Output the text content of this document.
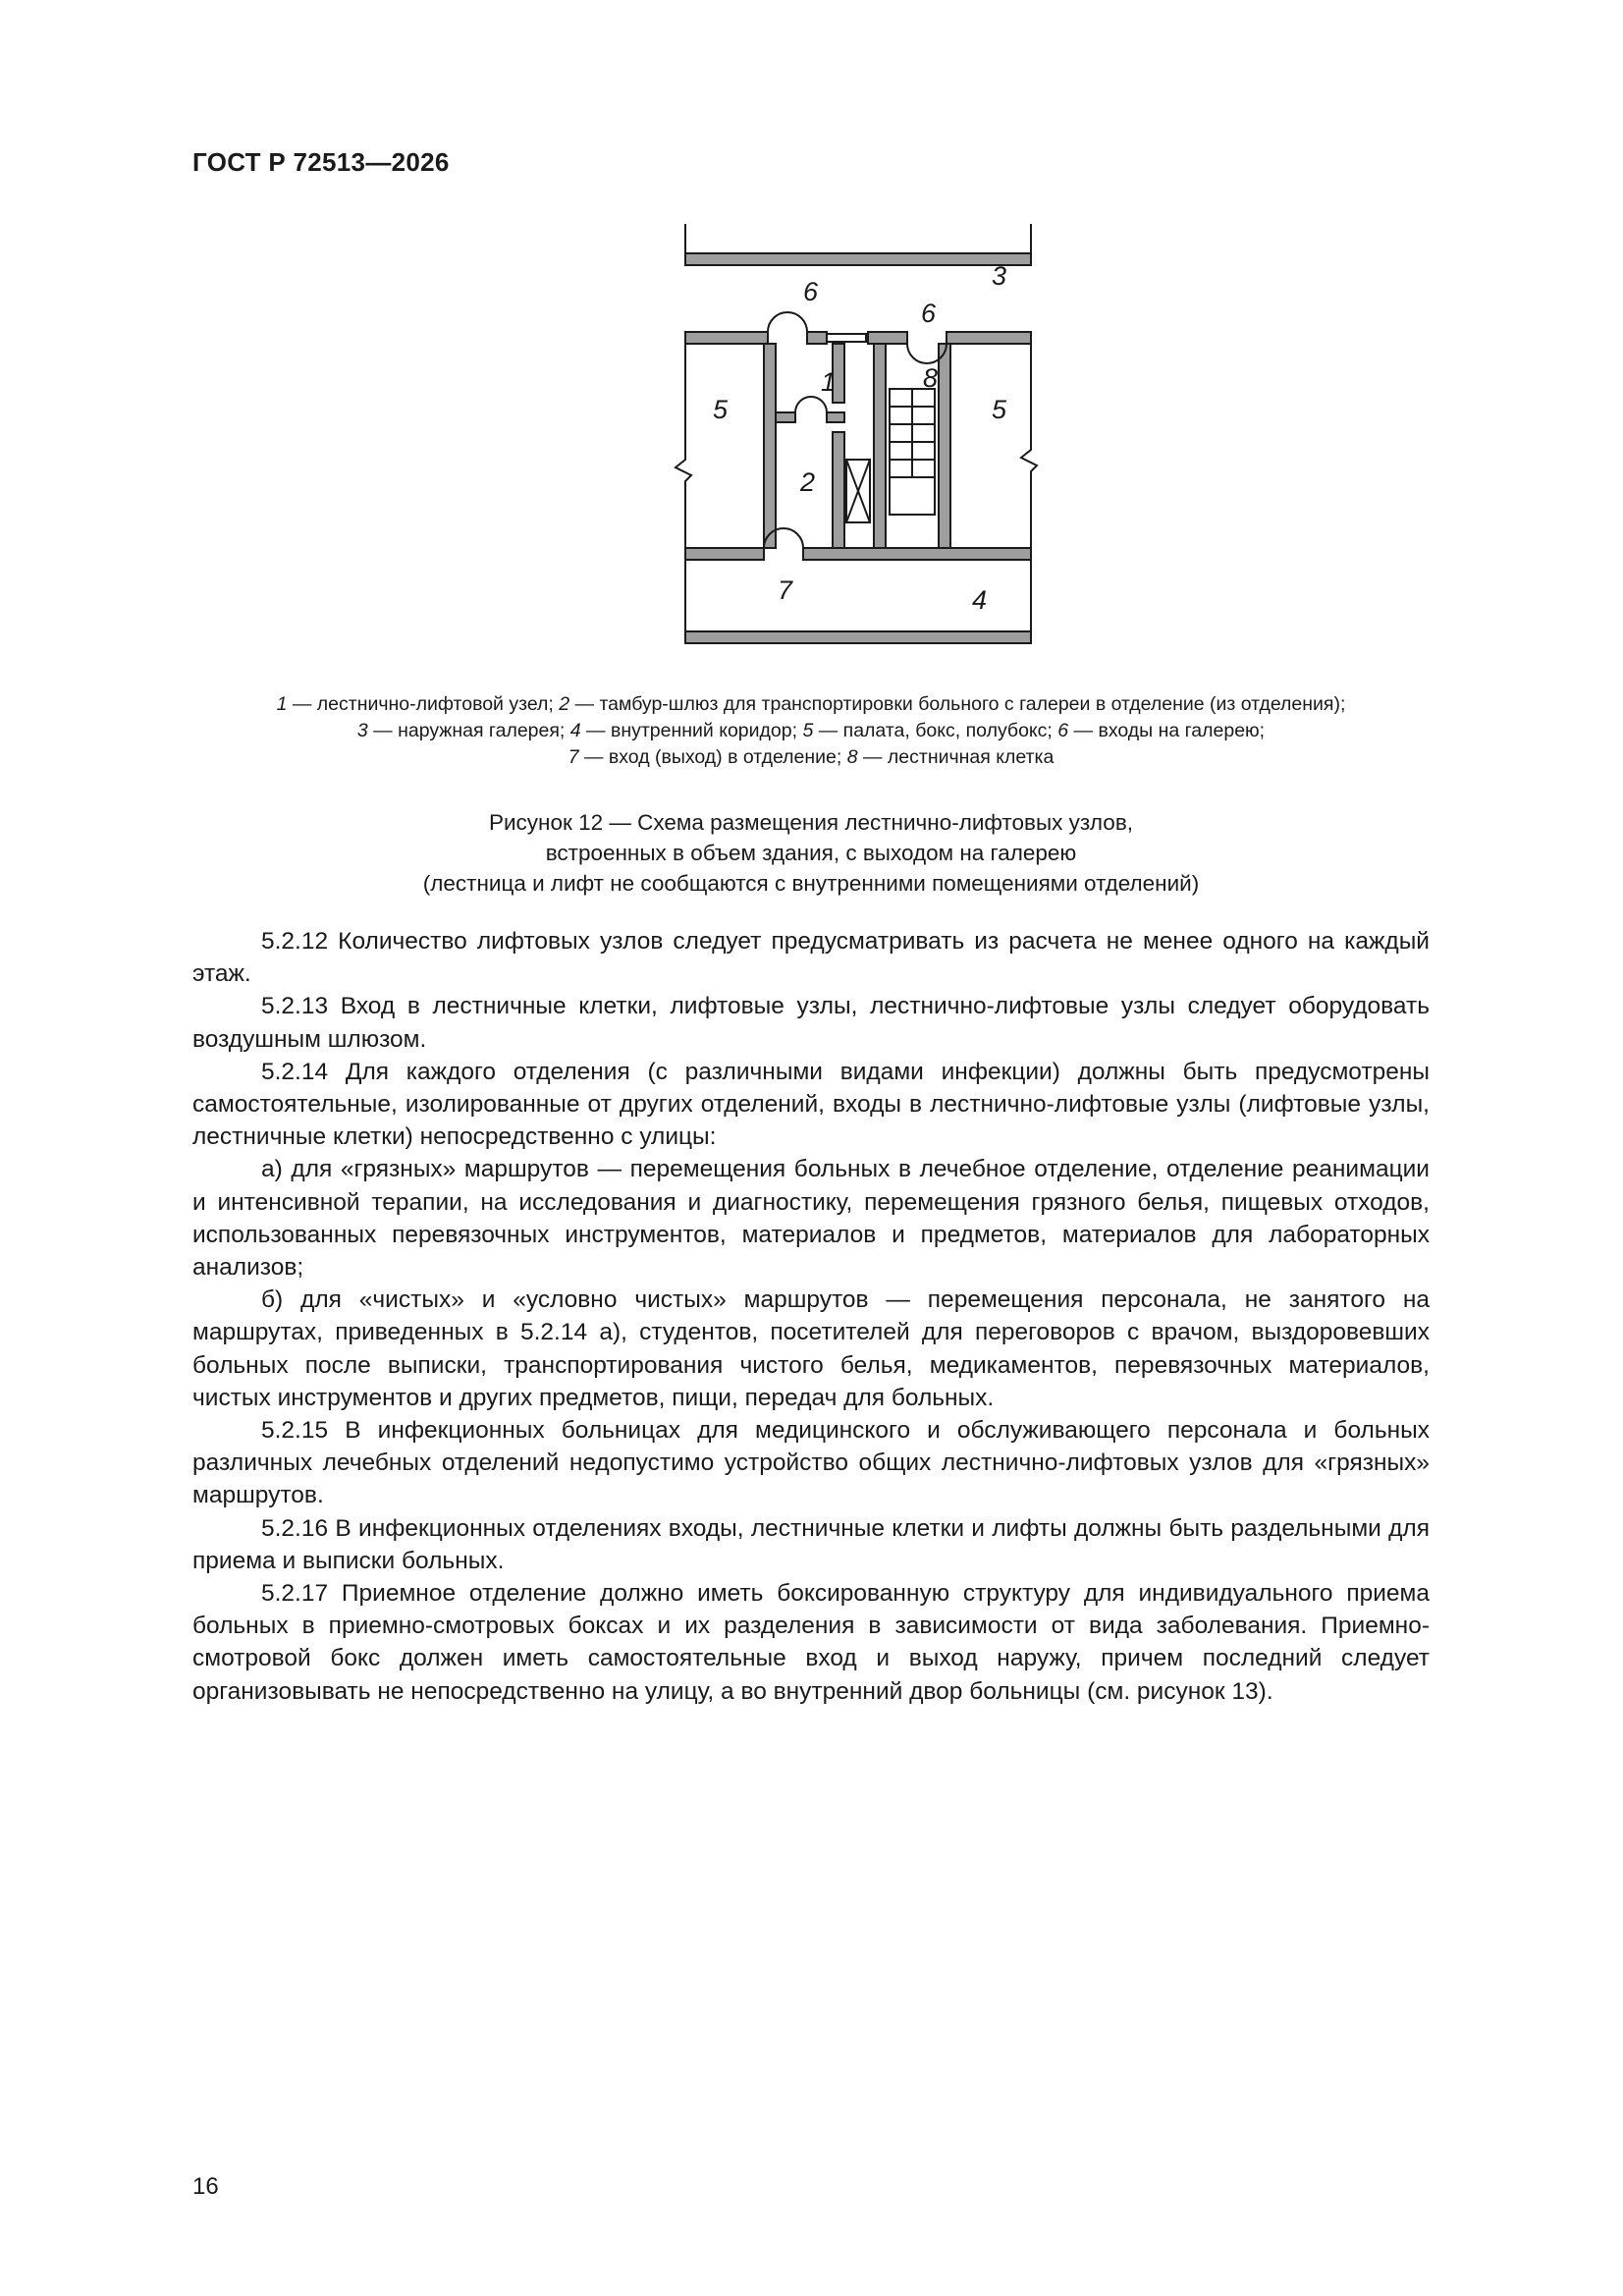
ГОСТ Р 72513—2026
1
2
3
4
5	5
6
6
7
8
1 — лестнично-лифтовой узел; 2 — тамбур-шлюз для транспортировки больного с галереи в отделение (из отделения);
3 — наружная галерея; 4 — внутренний коридор; 5 — палата, бокс, полубокс; 6 — входы на галерею;
7 — вход (выход) в отделение; 8 — лестничная клетка
Рисунок 12 — Схема размещения лестнично-лифтовых узлов,
встроенных в объем здания, с выходом на галерею
(лестница и лифт не сообщаются с внутренними помещениями отделений)

5.2.12 Количество лифтовых узлов следует предусматривать из расчета не менее одного на каждый этаж.

5.2.13 Вход в лестничные клетки, лифтовые узлы, лестнично-лифтовые узлы следует оборудовать воздушным шлюзом.

5.2.14 Для каждого отделения (с различными видами инфекции) должны быть предусмотрены самостоятельные, изолированные от других отделений, входы в лестнично-лифтовые узлы (лифтовые узлы, лестничные клетки) непосредственно с улицы:

а) для «грязных» маршрутов — перемещения больных в лечебное отделение, отделение реанимации и интенсивной терапии, на исследования и диагностику, перемещения грязного белья, пищевых отходов, использованных перевязочных инструментов, материалов и предметов, материалов для лабораторных анализов;

б) для «чистых» и «условно чистых» маршрутов — перемещения персонала, не занятого на маршрутах, приведенных в 5.2.14 а), студентов, посетителей для переговоров с врачом, выздоровевших больных после выписки, транспортирования чистого белья, медикаментов, перевязочных материалов, чистых инструментов и других предметов, пищи, передач для больных.

5.2.15 В инфекционных больницах для медицинского и обслуживающего персонала и больных различных лечебных отделений недопустимо устройство общих лестнично-лифтовых узлов для «грязных» маршрутов.

5.2.16 В инфекционных отделениях входы, лестничные клетки и лифты должны быть раздельными для приема и выписки больных.

5.2.17 Приемное отделение должно иметь боксированную структуру для индивидуального приема больных в приемно-смотровых боксах и их разделения в зависимости от вида заболевания. Приемно-смотровой бокс должен иметь самостоятельные вход и выход наружу, причем последний следует организовывать не непосредственно на улицу, а во внутренний двор больницы (см. рисунок 13).

16
